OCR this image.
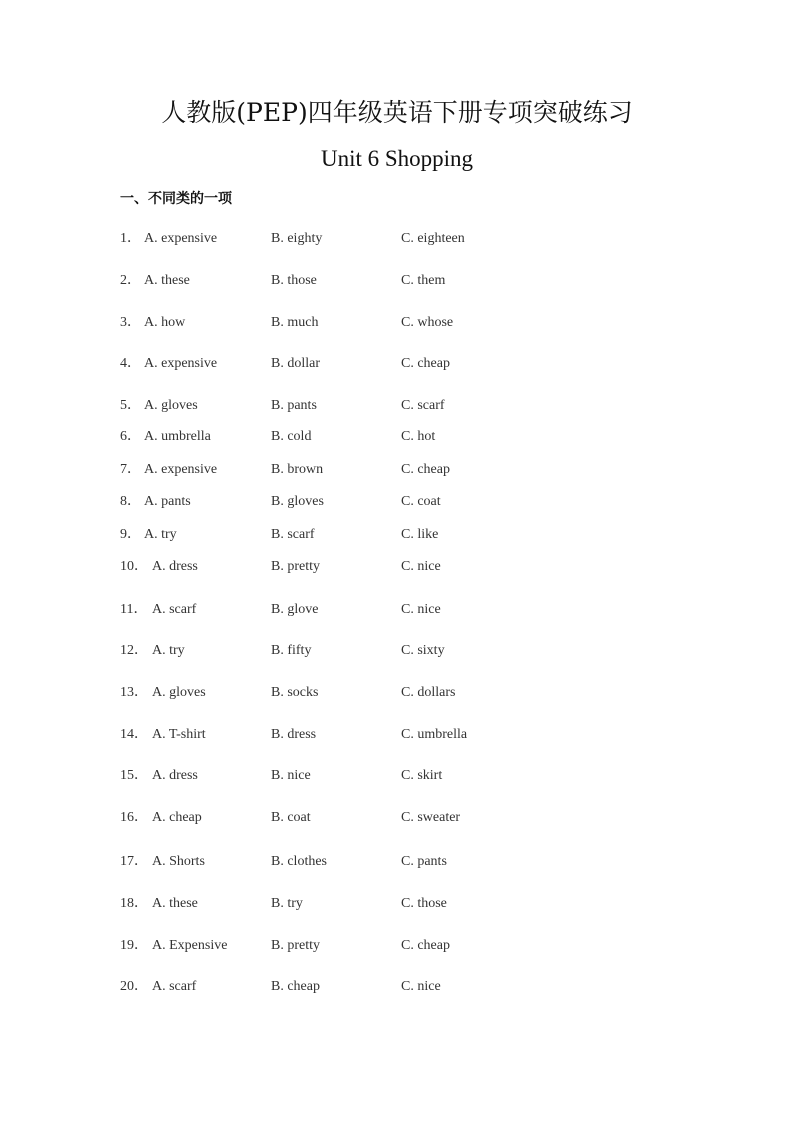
人教版(PEP)四年级英语下册专项突破练习
Unit 6 Shopping
一、不同类的一项
1． A. expensive	B. eighty	C. eighteen
2． A. these	B. those	C. them
3． A. how	B. much	C. whose
4． A. expensive	B. dollar	C. cheap
5． A. gloves	B. pants	C. scarf
6． A. umbrella	B. cold	C. hot
7． A. expensive	B. brown	C. cheap
8． A. pants	B. gloves	C. coat
9． A. try	B. scarf	C. like
10． A. dress	B. pretty	C. nice
11． A. scarf	B. glove	C. nice
12． A. try	B. fifty	C. sixty
13． A. gloves	B. socks	C. dollars
14． A. T-shirt	B. dress	C. umbrella
15． A. dress	B. nice	C. skirt
16． A. cheap	B. coat	C. sweater
17． A. Shorts	B. clothes	C. pants
18． A. these	B. try	C. those
19． A. Expensive	B. pretty	C. cheap
20． A. scarf	B. cheap	C. nice
